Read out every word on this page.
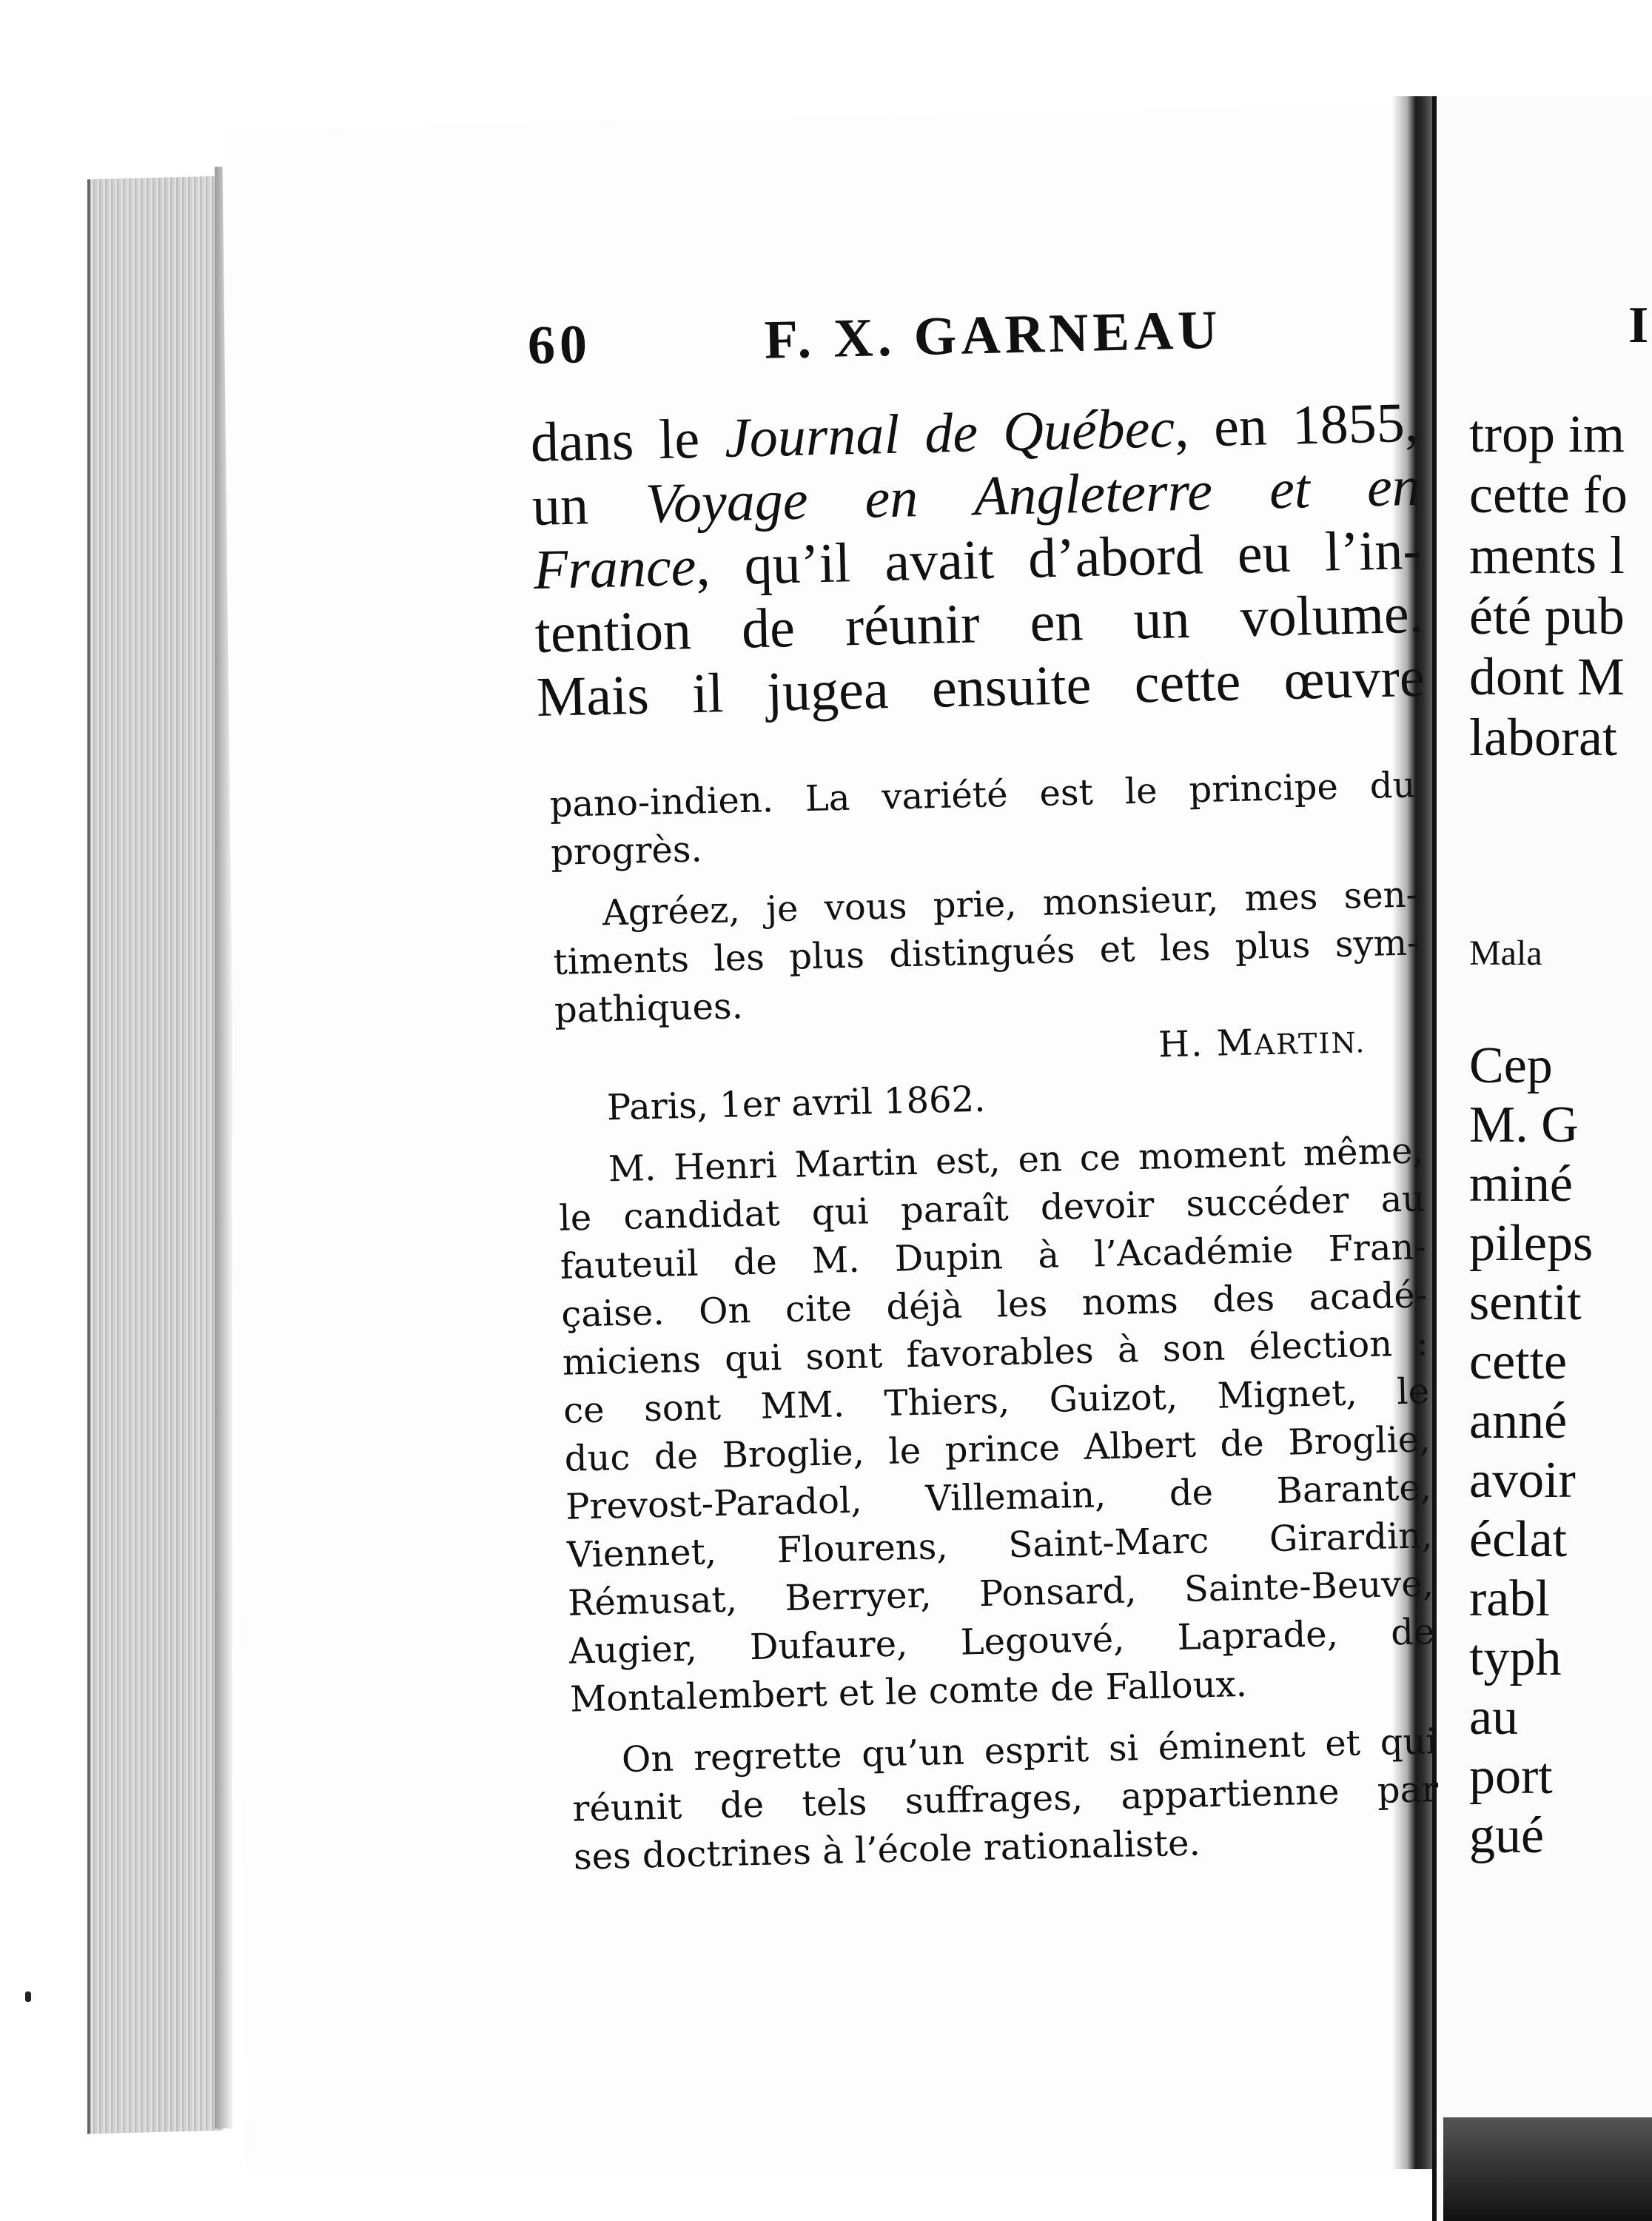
60	F. X. GARNEAU
dans le Journal de Québec, en 1855,
un Voyage en Angleterre et en
France, qu’il avait d’abord eu l’in-
tention de réunir en un volume.
Mais il jugea ensuite cette œuvre
pano-indien. La variété est le principe du
progrès.
Agréez, je vous prie, monsieur, mes sen-
timents les plus distingués et les plus sym-
pathiques.
H. MARTIN.
Paris, 1er avril 1862.
M. Henri Martin est, en ce moment même,
le candidat qui paraît devoir succéder au
fauteuil de M. Dupin à l’Académie Fran-
çaise. On cite déjà les noms des acadé-
miciens qui sont favorables à son élection :
ce sont MM. Thiers, Guizot, Mignet, le
duc de Broglie, le prince Albert de Broglie,
Prevost-Paradol, Villemain, de Barante,
Viennet, Flourens, Saint-Marc Girardin,
Rémusat, Berryer, Ponsard, Sainte-Beuve,
Augier, Dufaure, Legouvé, Laprade, de
Montalembert et le comte de Falloux.
On regrette qu’un esprit si éminent et qui
réunit de tels suffrages, appartienne par
ses doctrines à l’école rationaliste.
I
trop im
cette fo
ments l
été pub
dont M
laborat
Mala
Cep
M. G
miné
pileps
sentit
cette
anné
avoir
éclat
rabl
typh
au
port
gué
